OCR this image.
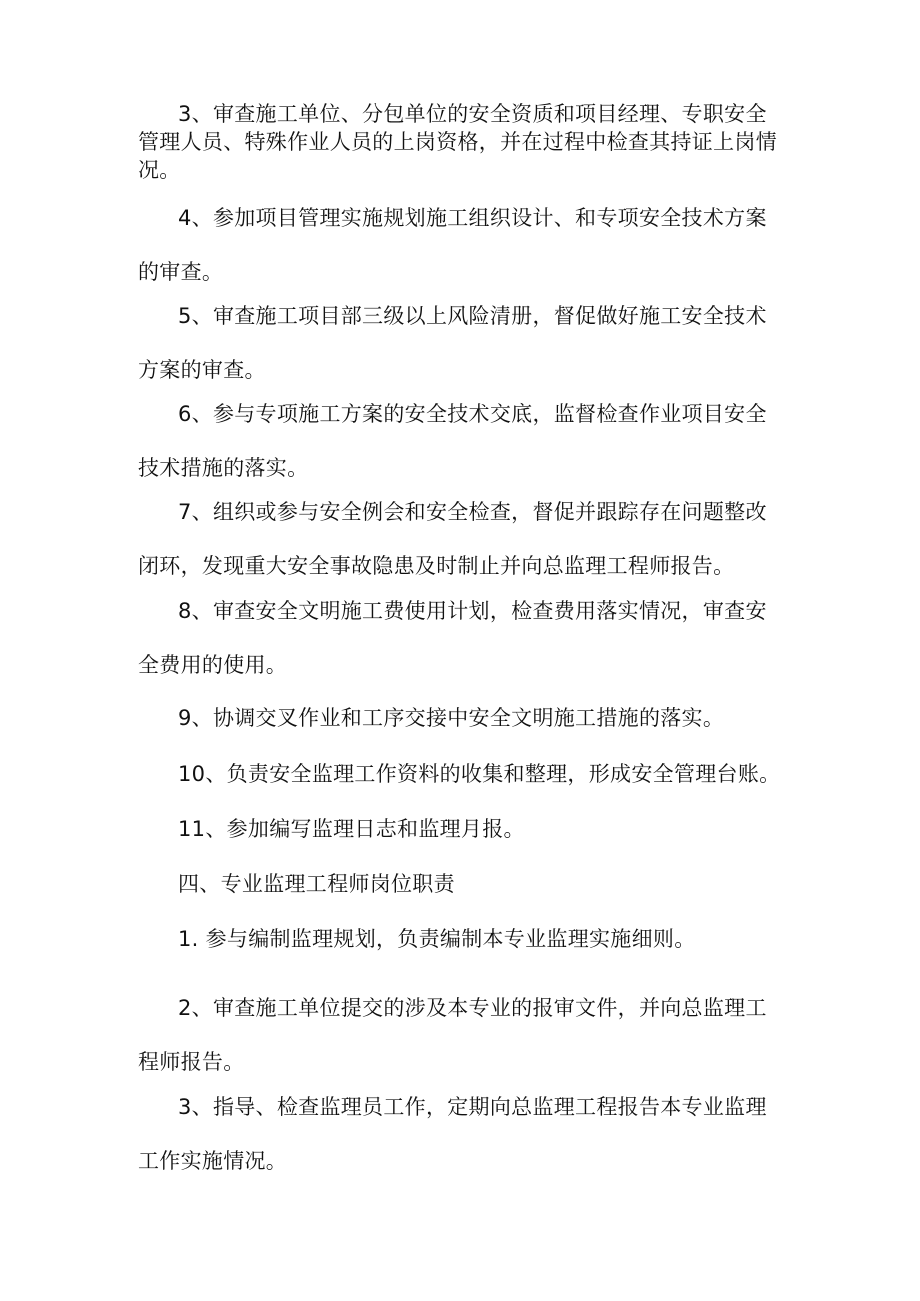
3、审查施工单位、分包单位的安全资质和项目经理、专职安全
管理人员、特殊作业人员的上岗资格，并在过程中检查其持证上岗情
况。
4、参加项目管理实施规划施工组织设计、和专项安全技术方案
的审查。
5、审查施工项目部三级以上风险清册，督促做好施工安全技术
方案的审查。
6、参与专项施工方案的安全技术交底，监督检查作业项目安全
技术措施的落实。
7、组织或参与安全例会和安全检查，督促并跟踪存在问题整改
闭环，发现重大安全事故隐患及时制止并向总监理工程师报告。
8、审查安全文明施工费使用计划，检查费用落实情况，审查安
全费用的使用。
9、协调交叉作业和工序交接中安全文明施工措施的落实。
10、负责安全监理工作资料的收集和整理，形成安全管理台账。
11、参加编写监理日志和监理月报。
四、专业监理工程师岗位职责
1. 参与编制监理规划，负责编制本专业监理实施细则。
2、审查施工单位提交的涉及本专业的报审文件，并向总监理工
程师报告。
3、指导、检查监理员工作，定期向总监理工程报告本专业监理
工作实施情况。
